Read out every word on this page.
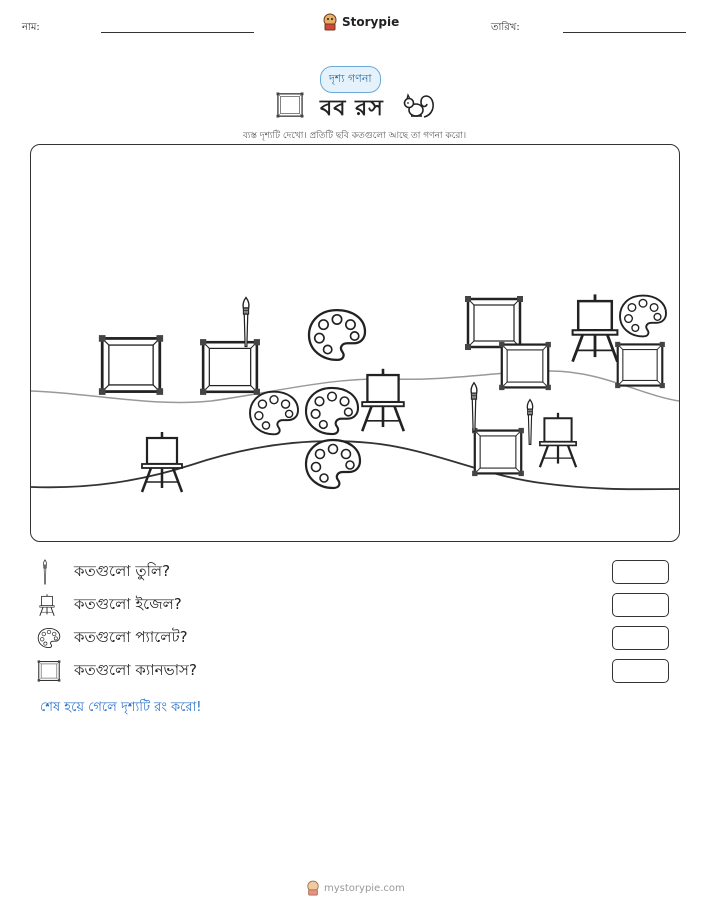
নাম:	Storypie	তারিখ:
দৃশ্য গণনা
বব রস
ব্যস্ত দৃশ্যটি দেখো। প্রতিটি ছবি কতগুলো আছে তা গণনা করো।
কতগুলো তুলি?
কতগুলো ইজেল?
কতগুলো প্যালেট?
কতগুলো ক্যানভাস?
শেষ হয়ে গেলে দৃশ্যটি রং করো!
mystorypie.com
